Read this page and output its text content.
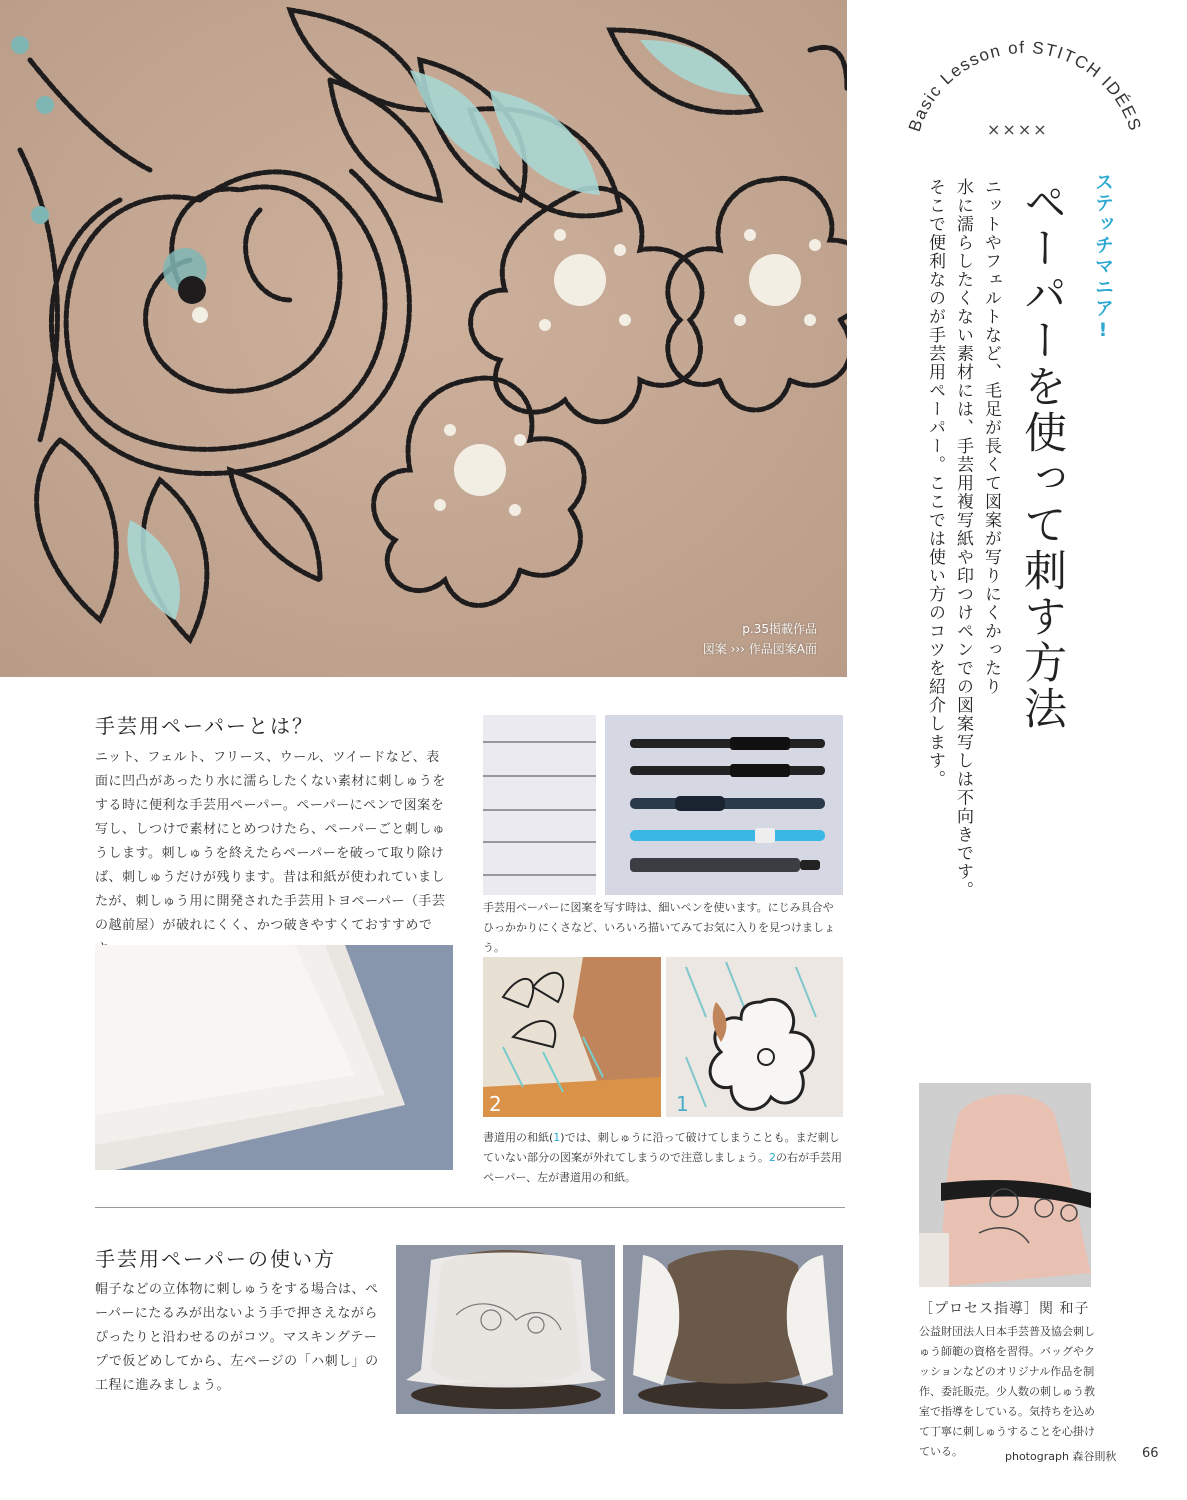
p.35掲載作品
図案 ››› 作品図案A面
Basic Lesson of STITCH IDÉES
××××
ステッチマニア!
ペーパーを使って刺す方法
ニットやフェルトなど、毛足が長くて図案が写りにくかったり
水に濡らしたくない素材には、手芸用複写紙や印つけペンでの図案写しは不向きです。
そこで便利なのが手芸用ペーパー。ここでは使い方のコツを紹介します。
手芸用ペーパーとは？
ニット、フェルト、フリース、ウール、ツイードなど、表面に凹凸があったり水に濡らしたくない素材に刺しゅうをする時に便利な手芸用ペーパー。ペーパーにペンで図案を写し、しつけで素材にとめつけたら、ペーパーごと刺しゅうします。刺しゅうを終えたらペーパーを破って取り除けば、刺しゅうだけが残ります。昔は和紙が使われていましたが、刺しゅう用に開発された手芸用トヨペーパー（手芸の越前屋）が破れにくく、かつ破きやすくておすすめで
手芸用ペーパーに図案を写す時は、細いペンを使います。にじみ具合やひっかかりにくさなど、いろいろ描いてみてお気に入りを見つけましょう。
2	1
書道用の和紙(1)では、刺しゅうに沿って破けてしまうことも。まだ刺していない部分の図案が外れてしまうので注意しましょう。2の右が手芸用ペーパー、左が書道用の和紙。
手芸用ペーパーの使い方
帽子などの立体物に刺しゅうをする場合は、ペーパーにたるみが出ないよう手で押さえながらぴったりと沿わせるのがコツ。マスキングテープで仮どめしてから、左ページの「ハ刺し」の工程に進みましょう。
［プロセス指導］関 和子
公益財団法人日本手芸普及協会刺しゅう師範の資格を習得。バッグやクッションなどのオリジナル作品を制作、委託販売。少人数の刺しゅう教室で指導をしている。気持ちを込めて丁寧に刺しゅうすることを心掛けている。	photograph 森谷則秋 66
